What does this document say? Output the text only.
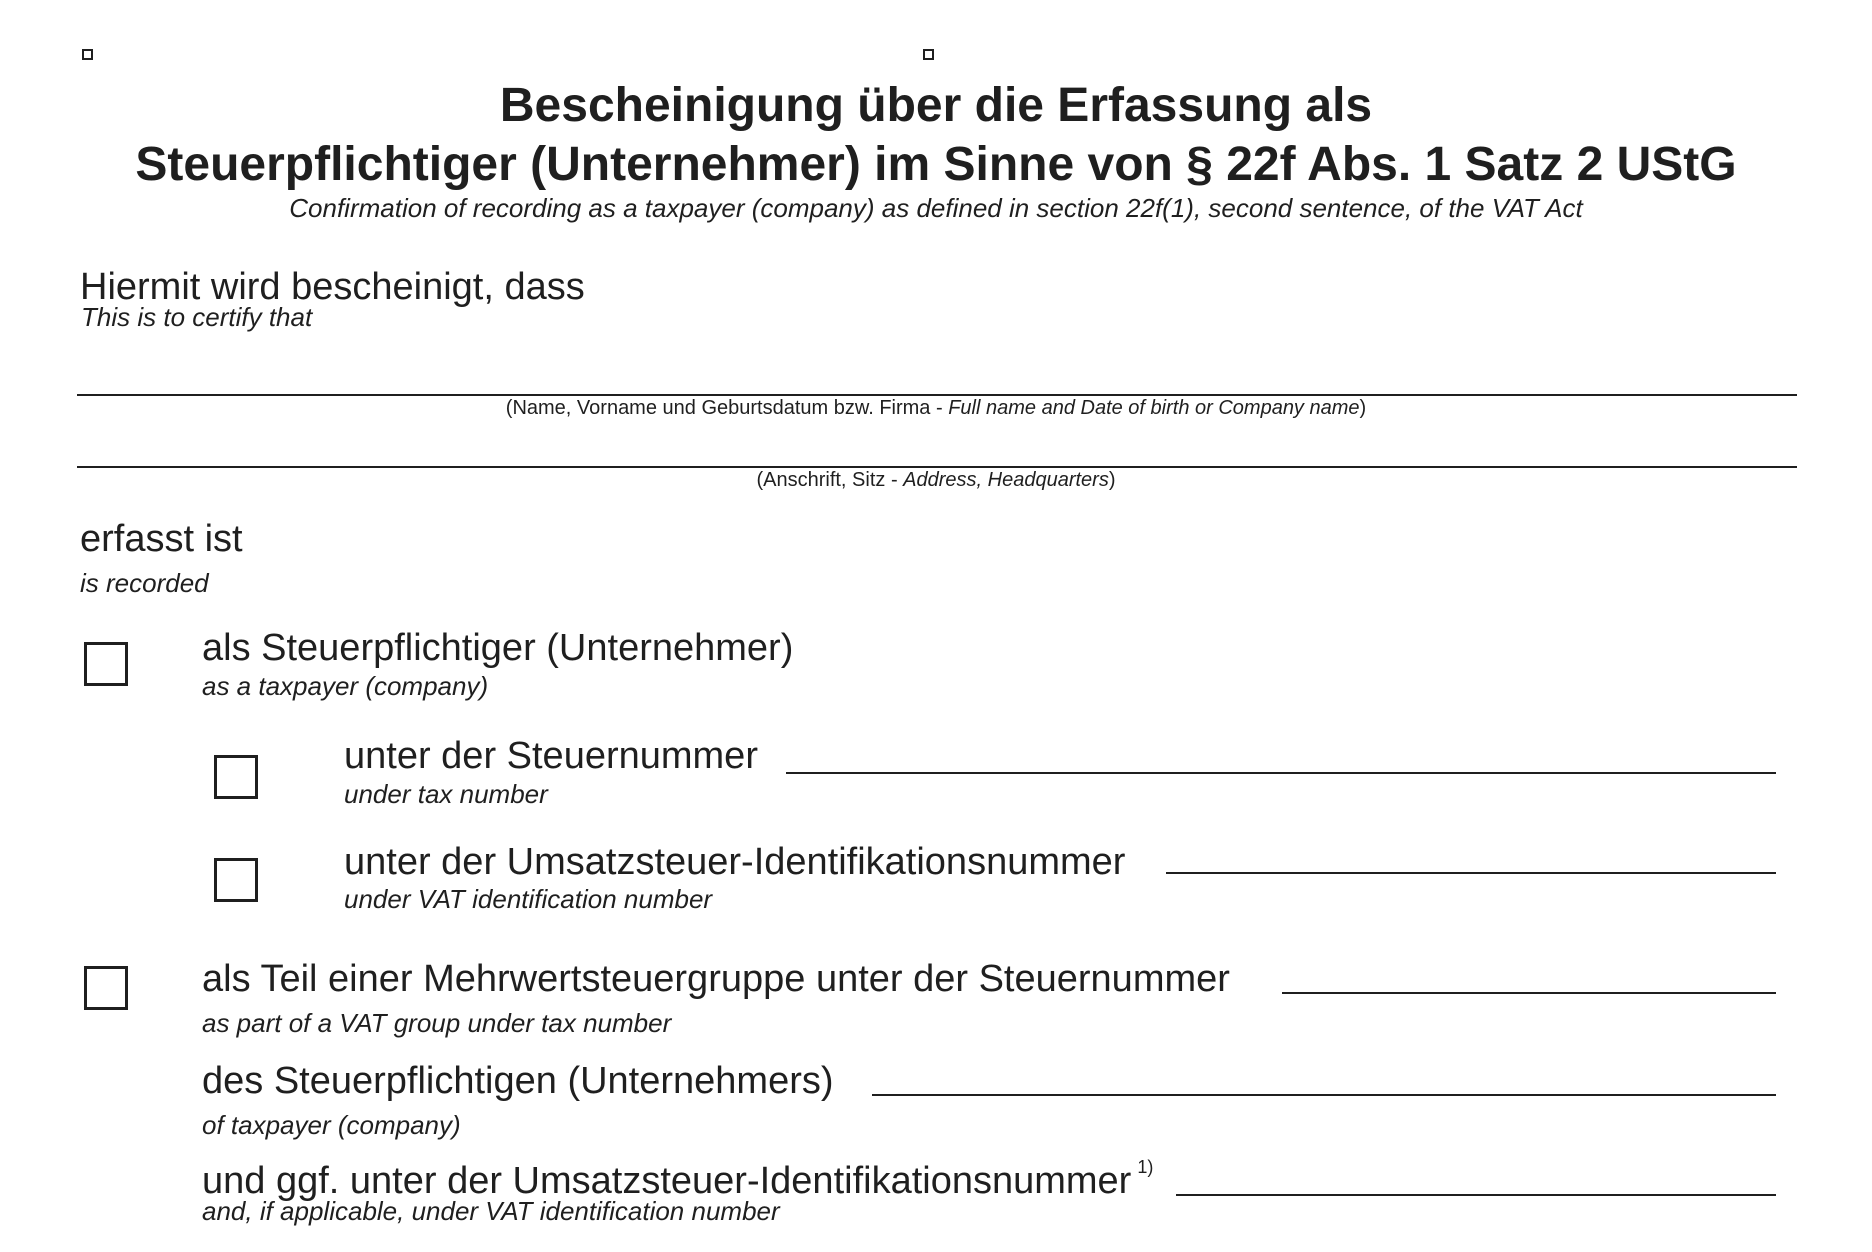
Bescheinigung über die Erfassung als
Steuerpflichtiger (Unternehmer) im Sinne von § 22f Abs. 1 Satz 2 UStG
Confirmation of recording as a taxpayer (company) as defined in section 22f(1), second sentence, of the VAT Act
Hiermit wird bescheinigt, dass
This is to certify that
(Name, Vorname und Geburtsdatum bzw. Firma - Full name and Date of birth or Company name)
(Anschrift, Sitz - Address, Headquarters)
erfasst ist
is recorded
als Steuerpflichtiger (Unternehmer)
as a taxpayer (company)
unter der Steuernummer
under tax number
unter der Umsatzsteuer-Identifikationsnummer
under VAT identification number
als Teil einer Mehrwertsteuergruppe unter der Steuernummer
as part of a VAT group under tax number
des Steuerpflichtigen (Unternehmers)
of taxpayer (company)
und ggf. unter der Umsatzsteuer-Identifikationsnummer $^{1)}$
and, if applicable, under VAT identification number
